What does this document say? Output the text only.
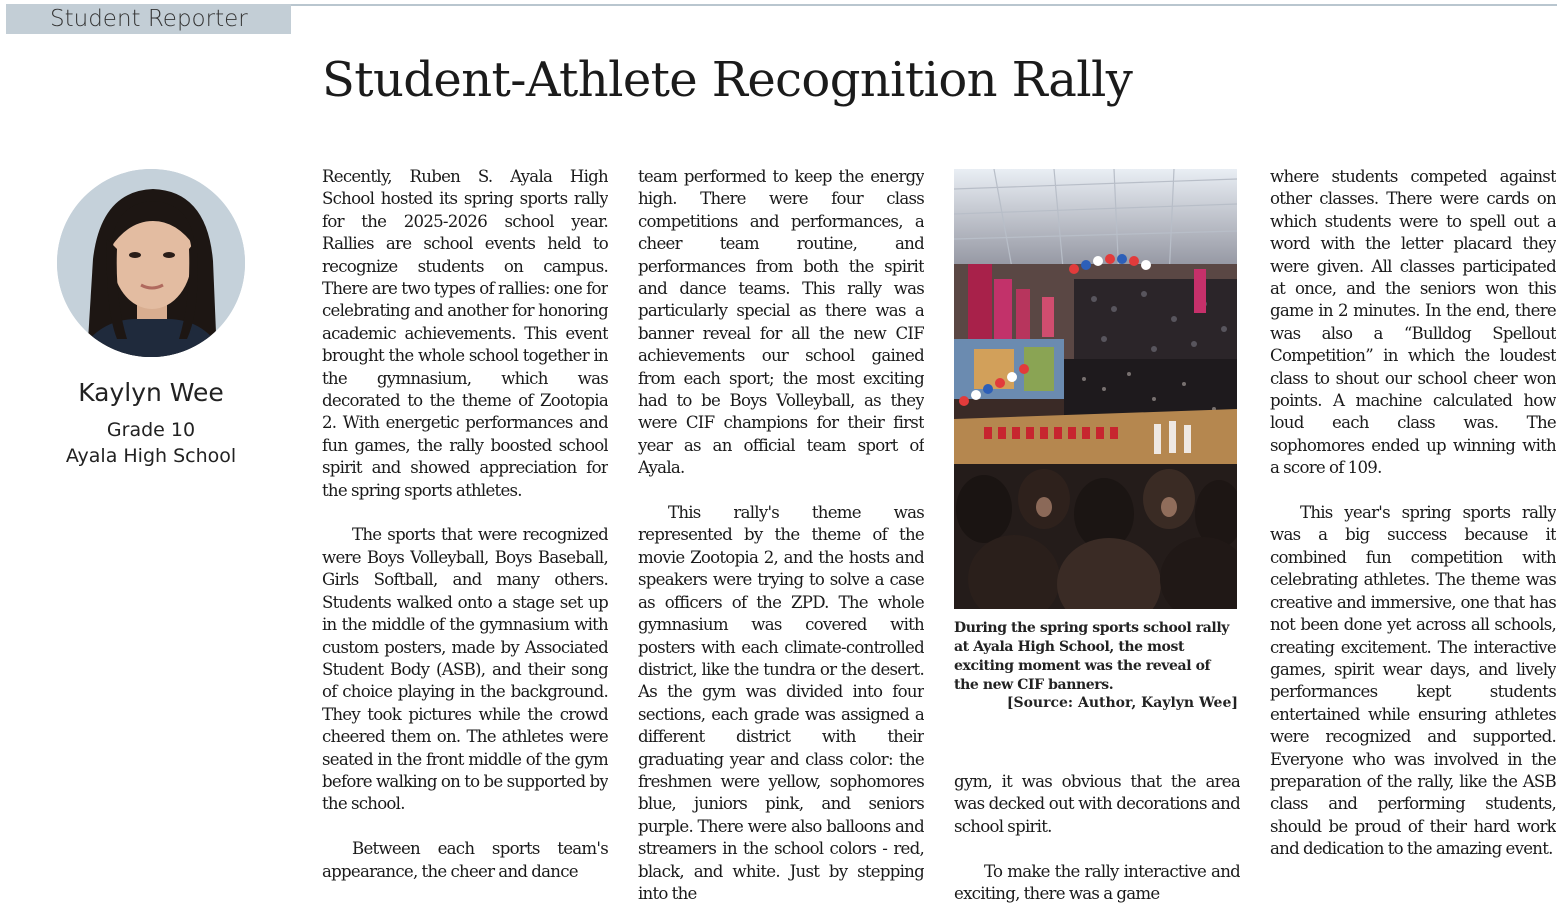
Student Reporter
Student-Athlete Recognition Rally
Kaylyn Wee
Grade 10
Ayala High School

Recently, Ruben S. Ayala High School hosted its spring sports rally for the 2025-2026 school year. Rallies are school events held to recognize students on campus. There are two types of rallies: one for celebrating and another for honoring academic achievements. This event brought the whole school together in the gymnasium, which was decorated to the theme of Zootopia 2. With energetic performances and fun games, the rally boosted school spirit and showed appreciation for the spring sports athletes.

The sports that were recognized were Boys Volleyball, Boys Baseball, Girls Softball, and many others. Students walked onto a stage set up in the middle of the gymnasium with custom posters, made by Associated Student Body (ASB), and their song of choice playing in the background. They took pictures while the crowd cheered them on. The athletes were seated in the front middle of the gym before walking on to be supported by the school.

Between each sports team's appearance, the cheer and dance

team performed to keep the energy high. There were four class competitions and performances, a cheer team routine, and performances from both the spirit and dance teams. This rally was particularly special as there was a banner reveal for all the new CIF achievements our school gained from each sport; the most exciting had to be Boys Volleyball, as they were CIF champions for their first year as an official team sport of Ayala.

This rally's theme was represented by the theme of the movie Zootopia 2, and the hosts and speakers were trying to solve a case as officers of the ZPD. The whole gymnasium was covered with posters with each climate-controlled district, like the tundra or the desert. As the gym was divided into four sections, each grade was assigned a different district with their graduating year and class color: the freshmen were yellow, sophomores blue, juniors pink, and seniors purple. There were also balloons and streamers in the school colors - red, black, and white. Just by stepping into the

During the spring sports school rally at Ayala High School, the most exciting moment was the reveal of the new CIF banners.
[Source: Author, Kaylyn Wee]

gym, it was obvious that the area was decked out with decorations and school spirit.

To make the rally interactive and exciting, there was a game

where students competed against other classes. There were cards on which students were to spell out a word with the letter placard they were given. All classes participated at once, and the seniors won this game in 2 minutes. In the end, there was also a “Bulldog Spellout Competition” in which the loudest class to shout our school cheer won points. A machine calculated how loud each class was. The sophomores ended up winning with a score of 109.

This year's spring sports rally was a big success because it combined fun competition with celebrating athletes. The theme was creative and immersive, one that has not been done yet across all schools, creating excitement. The interactive games, spirit wear days, and lively performances kept students entertained while ensuring athletes were recognized and supported. Everyone who was involved in the preparation of the rally, like the ASB class and performing students, should be proud of their hard work and dedication to the amazing event.
